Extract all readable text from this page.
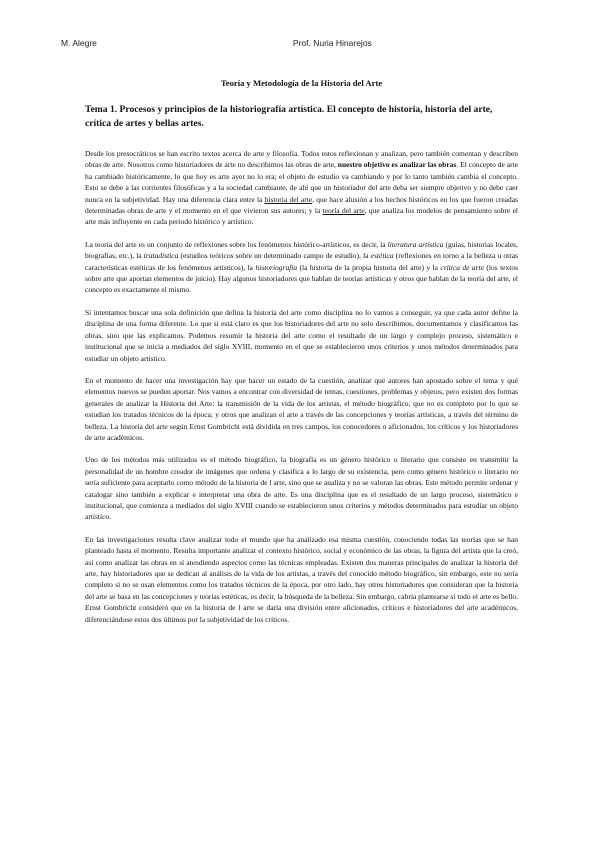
M. Alegre	Prof. Nuria Hinarejos
Teoría y Metodología de la Historia del Arte
Tema 1. Procesos y principios de la historiografía artística. El concepto de historia, historia del arte, crítica de artes y bellas artes.

Desde los presocráticos se han escrito textos acerca de arte y filosofía. Todos estos reflexionan y analizan, pero también comentan y describen obras de arte. Nosotros como historiadores de arte no describimos las obras de arte, nuestro objetivo es analizar las obras. El concepto de arte ha cambiado históricamente, lo que hoy es arte ayer no lo era; el objeto de estudio va cambiando y por lo tanto también cambia el concepto. Esto se debe a las corrientes filosóficas y a la sociedad cambiante, de ahí que un historiador del arte deba ser siempre objetivo y no debe caer nunca en la subjetividad. Hay una diferencia clara entre la historia del arte, que hace alusión a los hechos históricos en los que fueron creadas determinadas obras de arte y el momento en el que vivieron sus autores; y la teoría del arte, que analiza los modelos de pensamiento sobre el arte más influyente en cada periodo histórico y artístico.

La teoría del arte es un conjunto de reflexiones sobre los fenómenos histórico-artísticos, es decir, la literatura artística (guías, historias locales, biografías, etc.), la tratadística (estudios teóricos sobre un determinado campo de estudio), la estética (reflexiones en torno a la belleza u otras características estéticas de los fenómenos artísticos), la historiografía (la historia de la propia historia del arte) y la crítica de arte (los textos sobre arte que aportan elementos de juicio). Hay algunos historiadores que hablan de teorías artísticas y otros que hablan de la teoría del arte, el concepto es exactamente el mismo.

Si intentamos buscar una sola definición que defina la historia del arte como disciplina no lo vamos a conseguir, ya que cada autor define la disciplina de una forma diferente. Lo que sí está claro es que los historiadores del arte no solo describimos, documentamos y clasificamos las obras, sino que las explicamos. Podemos resumir la historia del arte como el resultado de un largo y complejo proceso, sistemático e institucional que se inicia a mediados del siglo XVIII, momento en el que se establecieron unos criterios y unos métodos determinados para estudiar un objeto artístico.

En el momento de hacer una investigación hay que hacer un estado de la cuestión, analizar qué autores han apostado sobre el tema y qué elementos nuevos se pueden aportar. Nos vamos a encontrar con diversidad de temas, cuestiones, problemas y objetos, pero existen dos formas generales de analizar la Historia del Arte: la transmisión de la vida de los artistas, el método biográfico, que no es completo por lo que se estudian los tratados técnicos de la época; y otros que analizan el arte a través de las concepciones y teorías artísticas, a través del término de belleza. La historia del arte según Ernst Gombricht está dividida en tres campos, los conocedores o aficionados, los críticos y los historiadores de arte académicos.

Uno de los métodos más utilizados es el método biográfico, la biografía es un género histórico o literario que consiste en transmitir la personalidad de un hombre creador de imágenes que ordena y clasifica a lo largo de su existencia, pero como género histórico o literario no sería suficiente para aceptarlo como método de la historia de l arte, sino que se analiza y no se valoran las obras. Este método permite ordenar y catalogar sino también a explicar e interpretar una obra de arte. Es una disciplina que es el resultado de un largo proceso, sistemático e institucional, que comienza a mediados del siglo XVIII cuando se establecieron unos criterios y métodos determinados para estudiar un objeto artístico.

En las investigaciones resulta clave analizar todo el mundo que ha analizado esa misma cuestión, conociendo todas las teorías que se han planteado hasta el momento. Resulta importante analizar el contexto histórico, social y económico de las obras, la figura del artista que la creó, así como analizar las obras en sí atendiendo aspectos como las técnicas empleadas. Existen dos maneras principales de analizar la historia del arte, hay historiadores que se dedican al análisis de la vida de los artistas, a través del conocido método biográfico, sin embargo, este no sería completo si no se usan elementos como los tratados técnicos de la época, por otro lado, hay otros historiadores que consideran que la historia del arte se basa en las concepciones y teorías estéticas, es decir, la búsqueda de la belleza. Sin embargo, cabría plantearse si todo el arte es bello. Ernst Gombricht consideró que en la historia de l arte se daría una división entre aficionados, críticos e historiadores del arte académicos, diferenciándose estos dos últimos por la subjetividad de los críticos.
